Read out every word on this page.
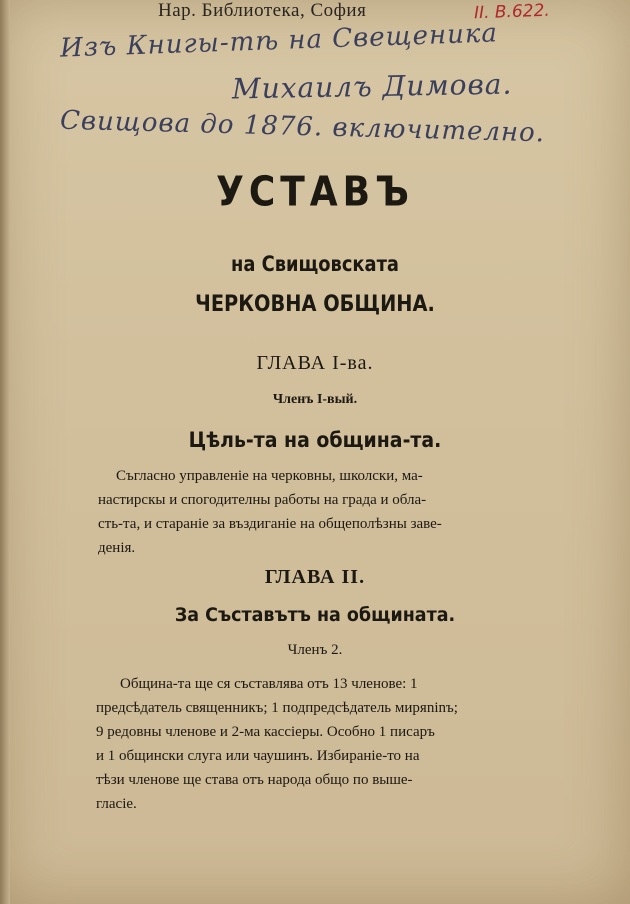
Нар. Библиотека, София	II. В.622.
Изъ Книгы-тѣ на Свещеника
Михаилъ Димова.
Свищова до 1876. включително.
УСТАВЪ
на Свищовската
ЧЕРКОВНА ОБЩИНА.
ГЛАВА I-ва.
Членъ I-вый.
Цѣль-та на община-та.
Съгласно управленіе на черковны, школски, ма-
настирскы и спогодителны работы на града и обла-
сть-та, и стараніе за въздиганіе на общеполѣзны заве-
денія.
ГЛАВА II.
За Съставътъ на общината.
Членъ 2.
Община-та ще ся съставлява отъ 13 членове: 1
предсѣдатель священникъ; 1 подпредсѣдатель миряninъ;
9 редовны членове и 2-ма кассіеры. Особно 1 писаръ
и 1 общински слуга или чаушинъ. Избираніе-то на
тѣзи членове ще става отъ народа общо по выше-
гласіе.
